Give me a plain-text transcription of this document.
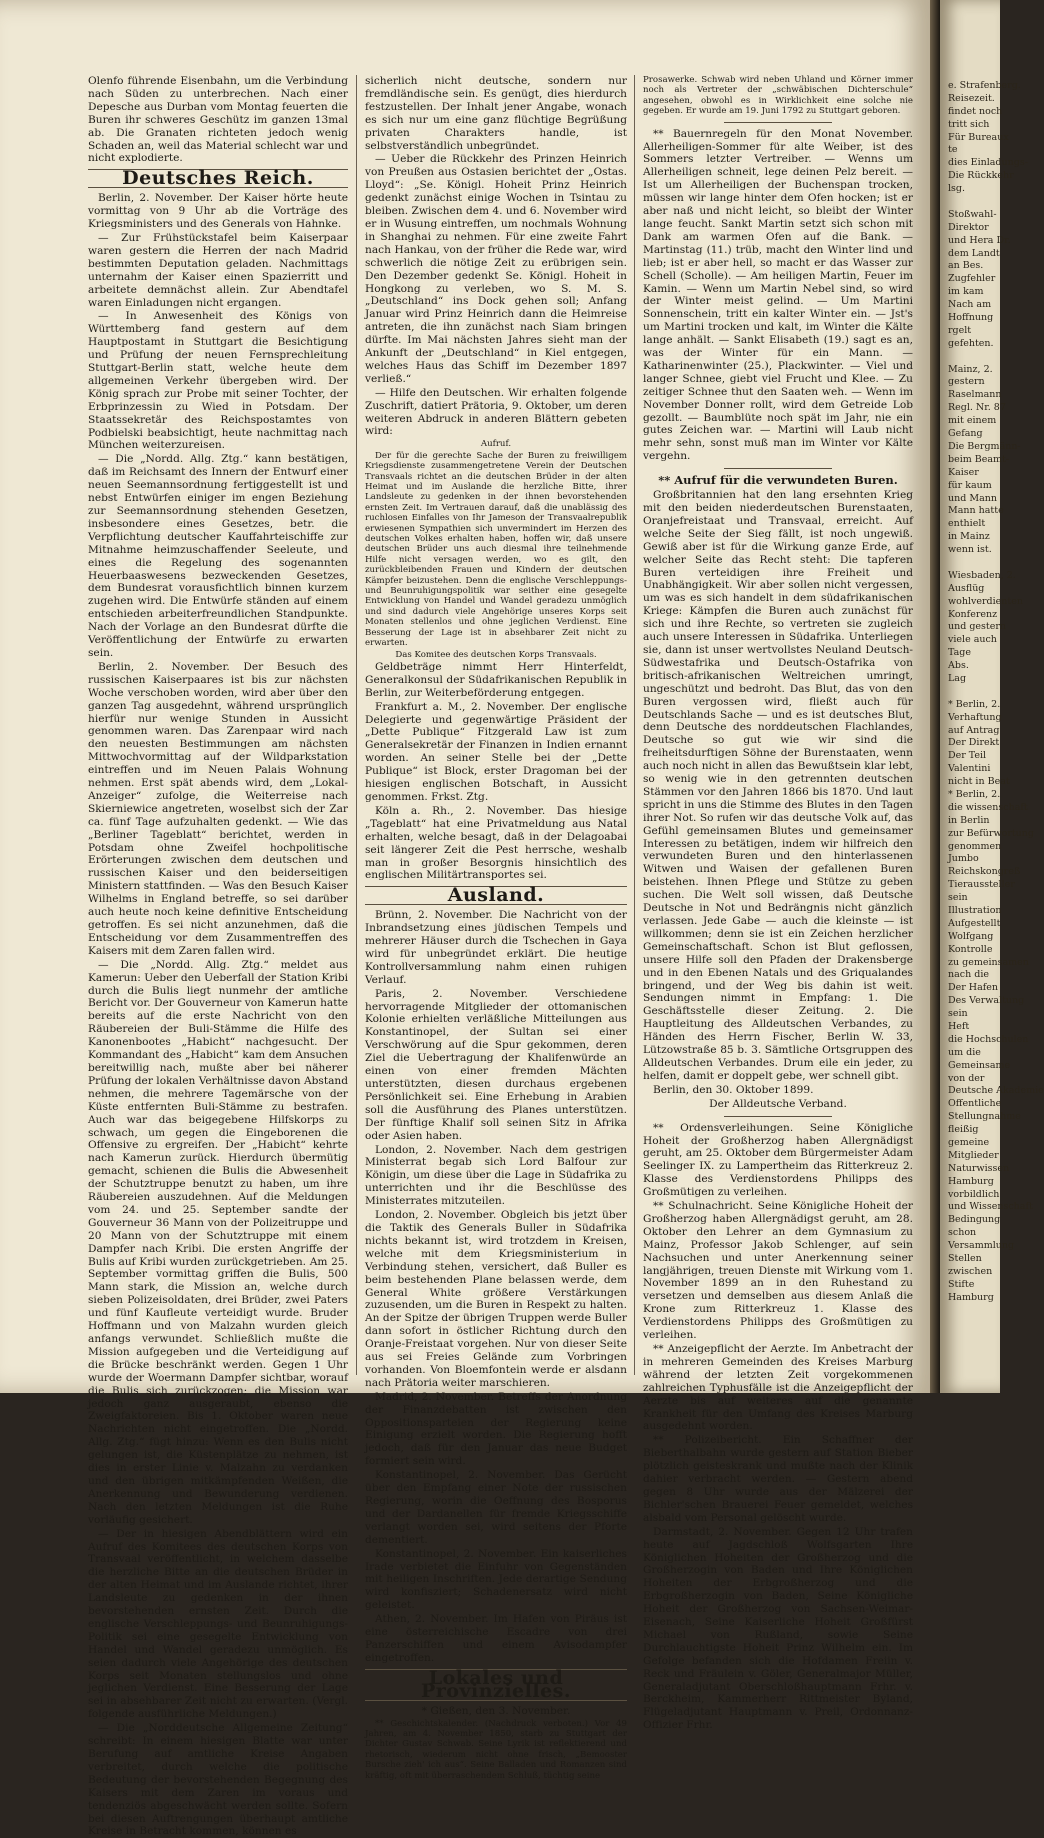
Olenfo führende Eisenbahn, um die Verbindung nach Süden zu unterbrechen. Nach einer Depesche aus Durban vom Montag feuerten die Buren ihr schweres Geschütz im ganzen 13mal ab. Die Granaten richteten jedoch wenig Schaden an, weil das Material schlecht war und nicht explodierte.

Deutsches Reich.

Berlin, 2. November. Der Kaiser hörte heute vormittag von 9 Uhr ab die Vorträge des Kriegsministers und des Generals von Hahnke.

— Zur Frühstückstafel beim Kaiserpaar waren gestern die Herren der nach Madrid bestimmten Deputation geladen. Nachmittags unternahm der Kaiser einen Spazierritt und arbeitete demnächst allein. Zur Abendtafel waren Einladungen nicht ergangen.

— In Anwesenheit des Königs von Württemberg fand gestern auf dem Hauptpostamt in Stuttgart die Besichtigung und Prüfung der neuen Fernsprechleitung Stuttgart-Berlin statt, welche heute dem allgemeinen Verkehr übergeben wird. Der König sprach zur Probe mit seiner Tochter, der Erbprinzessin zu Wied in Potsdam. Der Staatssekretär des Reichspostamtes von Podbielski beabsichtigt, heute nachmittag nach München weiterzureisen.

— Die „Nordd. Allg. Ztg.“ kann bestätigen, daß im Reichsamt des Innern der Entwurf einer neuen Seemannsordnung fertiggestellt ist und nebst Entwürfen einiger im engen Beziehung zur Seemannsordnung stehenden Gesetzen, insbesondere eines Gesetzes, betr. die Verpflichtung deutscher Kauffahrteischiffe zur Mitnahme heimzuschaffender Seeleute, und eines die Regelung des sogenannten Heuerbaaswesens bezweckenden Gesetzes, dem Bundesrat vorausfichtlich binnen kurzem zugehen wird. Die Entwürfe ständen auf einem entschieden arbeiterfreundlichen Standpunkte. Nach der Vorlage an den Bundesrat dürfte die Veröffentlichung der Entwürfe zu erwarten sein.

Berlin, 2. November. Der Besuch des russischen Kaiserpaares ist bis zur nächsten Woche verschoben worden, wird aber über den ganzen Tag ausgedehnt, während ursprünglich hierfür nur wenige Stunden in Aussicht genommen waren. Das Zarenpaar wird nach den neuesten Bestimmungen am nächsten Mittwochvormittag auf der Wildparkstation eintreffen und im Neuen Palais Wohnung nehmen. Erst spät abends wird, dem „Lokal-Anzeiger“ zufolge, die Weiterreise nach Skierniewice angetreten, woselbst sich der Zar ca. fünf Tage aufzuhalten gedenkt. — Wie das „Berliner Tageblatt“ berichtet, werden in Potsdam ohne Zweifel hochpolitische Erörterungen zwischen dem deutschen und russischen Kaiser und den beiderseitigen Ministern stattfinden. — Was den Besuch Kaiser Wilhelms in England betreffe, so sei darüber auch heute noch keine definitive Entscheidung getroffen. Es sei nicht anzunehmen, daß die Entscheidung vor dem Zusammentreffen des Kaisers mit dem Zaren fallen wird.

— Die „Nordd. Allg. Ztg.“ meldet aus Kamerun: Ueber den Ueberfall der Station Kribi durch die Bulis liegt nunmehr der amtliche Bericht vor. Der Gouverneur von Kamerun hatte bereits auf die erste Nachricht von den Räubereien der Buli-Stämme die Hilfe des Kanonenbootes „Habicht“ nachgesucht. Der Kommandant des „Habicht“ kam dem Ansuchen bereitwillig nach, mußte aber bei näherer Prüfung der lokalen Verhältnisse davon Abstand nehmen, die mehrere Tagemärsche von der Küste entfernten Buli-Stämme zu bestrafen. Auch war das beigegebene Hilfskorps zu schwach, um gegen die Eingeborenen die Offensive zu ergreifen. Der „Habicht“ kehrte nach Kamerun zurück. Hierdurch übermütig gemacht, schienen die Bulis die Abwesenheit der Schutztruppe benutzt zu haben, um ihre Räubereien auszudehnen. Auf die Meldungen vom 24. und 25. September sandte der Gouverneur 36 Mann von der Polizeitruppe und 20 Mann von der Schutztruppe mit einem Dampfer nach Kribi. Die ersten Angriffe der Bulis auf Kribi wurden zurückgetrieben. Am 25. September vormittag griffen die Bulis, 500 Mann stark, die Mission an, welche durch sieben Polizeisoldaten, drei Brüder, zwei Paters und fünf Kaufleute verteidigt wurde. Bruder Hoffmann und von Malzahn wurden gleich anfangs verwundet. Schließlich mußte die Mission aufgegeben und die Verteidigung auf die Brücke beschränkt werden. Gegen 1 Uhr wurde der Woermann Dampfer sichtbar, worauf die Bulis sich zurückzogen; die Mission war jedoch ganz ausgeraubt, ebenso die Zweigfaktoreien. Bis 1. Oktober waren neue Nachrichten nicht eingetroffen. Die „Nordd. Allg. Ztg.“ fügt hinzu: Wenn es den Bulis nicht gelungen ist, die Küstenplätze zu nehmen, ist dies in erster Linie v. Malzahn zu verdanken und den übrigen mitkämpfenden Weißen, die Anerkennung und Bewunderung verdienen. Nach den letzten Meldungen ist die Ruhe vorläufig gesichert.

— Der in hiesigen Abendblättern wird ein Aufruf des Komitees des deutschen Korps von Transvaal veröffentlicht, in welchem dasselbe die herzliche Bitte an die deutschen Brüder in der alten Heimat und im Auslande richtet, ihrer Landsleute zu gedenken in der ihnen bevorstehenden ernsten Zeit. Durch die englische Verschleppungs- und Beunruhigungs-Politik sei eine gesegelte Entwicklung von Handel und Wandel geradezu unmöglich. Es seien dadurch viele Angehörige des deutschen Korps seit Monaten stellungslos und ohne jeglichen Verdienst. Eine Besserung der Lage sei in absehbarer Zeit nicht zu erwarten. (Vergl. folgende ausführliche Meldungen.)

— Die „Norddeutsche Allgemeine Zeitung“ schreibt: In einem hiesigen Blatte war unter Berufung auf amtliche Kreise Angaben verbreitet, durch welche die politische Bedeutung der bevorstehenden Begegnung des Kaisers mit dem Zaren im voraus und tendenziös abgeschwächt werden sollte. Sofern bei diesen Auftrengungen überhaupt amtliche Kreise in Betracht kommen, können es

sicherlich nicht deutsche, sondern nur fremdländische sein. Es genügt, dies hierdurch festzustellen. Der Inhalt jener Angabe, wonach es sich nur um eine ganz flüchtige Begrüßung privaten Charakters handle, ist selbstverständlich unbegründet.

— Ueber die Rückkehr des Prinzen Heinrich von Preußen aus Ostasien berichtet der „Ostas. Lloyd“: „Se. Königl. Hoheit Prinz Heinrich gedenkt zunächst einige Wochen in Tsintau zu bleiben. Zwischen dem 4. und 6. November wird er in Wusung eintreffen, um nochmals Wohnung in Shanghai zu nehmen. Für eine zweite Fahrt nach Hankau, von der früher die Rede war, wird schwerlich die nötige Zeit zu erübrigen sein. Den Dezember gedenkt Se. Königl. Hoheit in Hongkong zu verleben, wo S. M. S. „Deutschland“ ins Dock gehen soll; Anfang Januar wird Prinz Heinrich dann die Heimreise antreten, die ihn zunächst nach Siam bringen dürfte. Im Mai nächsten Jahres sieht man der Ankunft der „Deutschland“ in Kiel entgegen, welches Haus das Schiff im Dezember 1897 verließ.“

— Hilfe den Deutschen. Wir erhalten folgende Zuschrift, datiert Prätoria, 9. Oktober, um deren weiteren Abdruck in anderen Blättern gebeten wird:

Aufruf.

Der für die gerechte Sache der Buren zu freiwilligem Kriegsdienste zusammengetretene Verein der Deutschen Transvaals richtet an die deutschen Brüder in der alten Heimat und im Auslande die herzliche Bitte, ihrer Landsleute zu gedenken in der ihnen bevorstehenden ernsten Zeit. Im Vertrauen darauf, daß die unablässig des ruchlosen Einfalles von Ihr Jameson der Transvaalrepublik erwiesenen Sympathien sich unvermindert im Herzen des deutschen Volkes erhalten haben, hoffen wir, daß unsere deutschen Brüder uns auch diesmal ihre teilnehmende Hilfe nicht versagen werden, wo es gilt, den zurückbleibenden Frauen und Kindern der deutschen Kämpfer beizustehen. Denn die englische Verschleppungs- und Beunruhigungspolitik war seither eine gesegelte Entwicklung von Handel und Wandel geradezu unmöglich und sind dadurch viele Angehörige unseres Korps seit Monaten stellenlos und ohne jeglichen Verdienst. Eine Besserung der Lage ist in absehbarer Zeit nicht zu erwarten.

Das Komitee des deutschen Korps Transvaals.

Geldbeträge nimmt Herr Hinterfeldt, Generalkonsul der Südafrikanischen Republik in Berlin, zur Weiterbeförderung entgegen.

Frankfurt a. M., 2. November. Der englische Delegierte und gegenwärtige Präsident der „Dette Publique“ Fitzgerald Law ist zum Generalsekretär der Finanzen in Indien ernannt worden. An seiner Stelle bei der „Dette Publique“ ist Block, erster Dragoman bei der hiesigen englischen Botschaft, in Aussicht genommen. Frkst. Ztg.

Köln a. Rh., 2. November. Das hiesige „Tageblatt“ hat eine Privatmeldung aus Natal erhalten, welche besagt, daß in der Delagoabai seit längerer Zeit die Pest herrsche, weshalb man in großer Besorgnis hinsichtlich des englischen Militärtransportes sei.

Ausland.

Brünn, 2. November. Die Nachricht von der Inbrandsetzung eines jüdischen Tempels und mehrerer Häuser durch die Tschechen in Gaya wird für unbegründet erklärt. Die heutige Kontrollversammlung nahm einen ruhigen Verlauf.

Paris, 2. November. Verschiedene hervorragende Mitglieder der ottomanischen Kolonie erhielten verläßliche Mitteilungen aus Konstantinopel, der Sultan sei einer Verschwörung auf die Spur gekommen, deren Ziel die Uebertragung der Khalifenwürde an einen von einer fremden Mächten unterstützten, diesen durchaus ergebenen Persönlichkeit sei. Eine Erhebung in Arabien soll die Ausführung des Planes unterstützen. Der fünftige Khalif soll seinen Sitz in Afrika oder Asien haben.

London, 2. November. Nach dem gestrigen Ministerrat begab sich Lord Balfour zur Königin, um diese über die Lage in Südafrika zu unterrichten und ihr die Beschlüsse des Ministerrates mitzuteilen.

London, 2. November. Obgleich bis jetzt über die Taktik des Generals Buller in Südafrika nichts bekannt ist, wird trotzdem in Kreisen, welche mit dem Kriegsministerium in Verbindung stehen, versichert, daß Buller es beim bestehenden Plane belassen werde, dem General White größere Verstärkungen zuzusenden, um die Buren in Respekt zu halten. An der Spitze der übrigen Truppen werde Buller dann sofort in östlicher Richtung durch den Oranje-Freistaat vorgehen. Nur von dieser Seite aus sei Freies Gelände zum Vorbringen vorhanden. Von Bloemfontein werde er alsdann nach Prätoria weiter marschieren.

Madrid, 2. November. Betreffs der Anordnung der Finanzdebatten ist zwischen den Oppositionsparteien der Regierung keine Einigung erzielt worden. Die Regierung hofft jedoch, daß für den Januar das neue Budget formiert sein wird.

Konstantinopel, 2. November. Das Gerücht über den Empfang einer Note der russischen Regierung, worin die Oeffnung des Bosporus und der Dardanellen für fremde Kriegsschiffe verlangt worden sei, wird seitens der Pforte dementiert.

Konstantinopel, 2. November. Ein kaiserliches Irade verbietet die Einfuhr von Gegenständen mit heiligen Inschriften. Jede derartige Sendung wird konfisziert; Schadenersatz wird nicht geleistet.

Athen, 2. November. Im Hafen von Piräus ist eine österreichische Escadre von drei Panzerschiffen und einem Avisodampfer eingetroffen.

Lokales und Provinzielles.

* Gießen, den 3. November.

** Geschichtskalender. (Nachdruck verboten.) Vor 49 Jahren, am 4. November 1850, starb zu Stuttgart der Dichter Gustav Schwab. Seine Lyrik ist reflektierend und rhetorisch, wiederum nicht ohne frisch, „Bemooster Bursche zieh' ich aus“. Seine Balladen und Romanzen sind kräftig, oft mit überraschendem Schluß, tüchtig seine

Prosawerke. Schwab wird neben Uhland und Körner immer noch als Vertreter der „schwäbischen Dichterschule“ angesehen, obwohl es in Wirklichkeit eine solche nie gegeben. Er wurde am 19. Juni 1792 zu Stuttgart geboren.

** Bauernregeln für den Monat November. Allerheiligen-Sommer für alte Weiber, ist des Sommers letzter Vertreiber. — Wenns um Allerheiligen schneit, lege deinen Pelz bereit. — Ist um Allerheiligen der Buchenspan trocken, müssen wir lange hinter dem Ofen hocken; ist er aber naß und nicht leicht, so bleibt der Winter lange feucht. Sankt Martin setzt sich schon mit Dank am warmen Ofen auf die Bank. — Martinstag (11.) trüb, macht den Winter lind und lieb; ist er aber hell, so macht er das Wasser zur Schell (Scholle). — Am heiligen Martin, Feuer im Kamin. — Wenn um Martin Nebel sind, so wird der Winter meist gelind. — Um Martini Sonnenschein, tritt ein kalter Winter ein. — Jst's um Martini trocken und kalt, im Winter die Kälte lange anhält. — Sankt Elisabeth (19.) sagt es an, was der Winter für ein Mann. — Katharinenwinter (25.), Plackwinter. — Viel und langer Schnee, giebt viel Frucht und Klee. — Zu zeitiger Schnee thut den Saaten weh. — Wenn im November Donner rollt, wird dem Getreide Lob gezollt. — Baumblüte noch spät im Jahr, nie ein gutes Zeichen war. — Martini will Laub nicht mehr sehn, sonst muß man im Winter vor Kälte vergehn.

** Aufruf für die verwundeten Buren.

Großbritannien hat den lang ersehnten Krieg mit den beiden niederdeutschen Burenstaaten, Oranjefreistaat und Transvaal, erreicht. Auf welche Seite der Sieg fällt, ist noch ungewiß. Gewiß aber ist für die Wirkung ganze Erde, auf welcher Seite das Recht steht: Die tapferen Buren verteidigen ihre Freiheit und Unabhängigkeit. Wir aber sollen nicht vergessen, um was es sich handelt in dem südafrikanischen Kriege: Kämpfen die Buren auch zunächst für sich und ihre Rechte, so vertreten sie zugleich auch unsere Interessen in Südafrika. Unterliegen sie, dann ist unser wertvollstes Neuland Deutsch-Südwestafrika und Deutsch-Ostafrika von britisch-afrikanischen Weltreichen umringt, ungeschützt und bedroht. Das Blut, das von den Buren vergossen wird, fließt auch für Deutschlands Sache — und es ist deutsches Blut, denn Deutsche des norddeutschen Flachlandes, Deutsche so gut wie wir sind die freiheitsdurftigen Söhne der Burenstaaten, wenn auch noch nicht in allen das Bewußtsein klar lebt, so wenig wie in den getrennten deutschen Stämmen vor den Jahren 1866 bis 1870. Und laut spricht in uns die Stimme des Blutes in den Tagen ihrer Not. So rufen wir das deutsche Volk auf, das Gefühl gemeinsamen Blutes und gemeinsamer Interessen zu betätigen, indem wir hilfreich den verwundeten Buren und den hinterlassenen Witwen und Waisen der gefallenen Buren beistehen. Ihnen Pflege und Stütze zu geben suchen. Die Welt soll wissen, daß Deutsche Deutsche in Not und Bedrängnis nicht gänzlich verlassen. Jede Gabe — auch die kleinste — ist willkommen; denn sie ist ein Zeichen herzlicher Gemeinschaftschaft. Schon ist Blut geflossen, unsere Hilfe soll den Pfaden der Drakensberge und in den Ebenen Natals und des Griqualandes bringend, und der Weg bis dahin ist weit. Sendungen nimmt in Empfang: 1. Die Geschäftsstelle dieser Zeitung. 2. Die Hauptleitung des Alldeutschen Verbandes, zu Händen des Herrn Fischer, Berlin W. 33, Lützowstraße 85 b. 3. Sämtliche Ortsgruppen des Alldeutschen Verbandes. Drum eile ein jeder, zu helfen, damit er doppelt gebe, wer schnell gibt.

Berlin, den 30. Oktober 1899.

Der Alldeutsche Verband.

** Ordensverleihungen. Seine Königliche Hoheit der Großherzog haben Allergnädigst geruht, am 25. Oktober dem Bürgermeister Adam Seelinger IX. zu Lampertheim das Ritterkreuz 2. Klasse des Verdienstordens Philipps des Großmütigen zu verleihen.

** Schulnachricht. Seine Königliche Hoheit der Großherzog haben Allergnädigst geruht, am 28. Oktober den Lehrer an dem Gymnasium zu Mainz, Professor Jakob Schlenger, auf sein Nachsuchen und unter Anerkennung seiner langjährigen, treuen Dienste mit Wirkung vom 1. November 1899 an in den Ruhestand zu versetzen und demselben aus diesem Anlaß die Krone zum Ritterkreuz 1. Klasse des Verdienstordens Philipps des Großmütigen zu verleihen.

** Anzeigepflicht der Aerzte. Im Anbetracht der in mehreren Gemeinden des Kreises Marburg während der letzten Zeit vorgekommenen zahlreichen Typhusfälle ist die Anzeigepflicht der Aerzte bis auf weiteres auf die genannte Krankheit für den Umfang des Kreises Marburg ausgedehnt worden.

** Polizeibericht. Ein Schaffner der Bieberthalbahn wurde gestern auf Station Bieber plötzlich geisteskrank und mußte nach der Klinik dahier verbracht werden. — Gestern abend gegen 8 Uhr wurde aus der Mälzerei der Bichler'schen Brauerei Feuer gemeldet, welches alsbald vom Personal gelöscht wurde.

Darmstadt, 2. November. Gegen 12 Uhr trafen heute auf Jagdschloß Wolfsgarten Ihre Königlichen Hoheiten der Großherzog und die Großherzogin von Baden und Ihre Königlichen Hoheiten der Erbgroßherzog und die Erbgroßherzogin von Baden, Seine Königliche Hoheit der Großherzog von Sachsen-Weimar-Eisenach, Seine Kaiserliche Hoheit Großfürst Michael von Rußland, sowie Seine Durchlauchtigste Hoheit Prinz Wilhelm ein. Im Gefolge befanden sich die Hofdamen Freiin v. Reck und Fräulein v. Göler, Generalmajor Müller, Generaladjutant Oberschloßhauptmann Frhr. v. Berckheim, Kammerherr Rittmeister Byland, Flügeladjutant Hauptmann v. Preil, Ordonnanz-Offizier Frhr.

e. Strafenberg.
Reisezeit.
findet noch
tritt sich
Für Bureaux
te
dies Einladungs-
Die Rückkehr
lsg.
Stoßwahl-
Direktor
und Hera Dr.
dem Landt
an Bes.
Zugfehler
im kam
Nach am
Hoffnung
rgelt
gefehten.
Mainz, 2.
gestern
Raselmann
Regl. Nr. 87
mit einem
Gefang
Die Bergmänn-
beim Beamt-
Kaiser
für kaum
und Mann
Mann hatte
enthielt
in Mainz
wenn ist.
Wiesbaden, 2.
Ausflüg
wohlverdienten
Konferenz
und gestern
viele auch
Tage
Abs.
Lag
* Berlin, 2.
Verhaftung
auf Antrag
Der Direkt
Der Teil
Valentini
nicht in Beat
* Berlin, 2.
die wissenschaft
in Berlin
zur Befürwortung
genommen
Jumbo
Reichskongreß
Tieraussteller
sein
Illustration
Aufgestellt
Wolfgang
Kontrolle
zu gemeinsamen
nach die
Der Hafen
Des Verwaltung
sein
Heft
die Hochschulen
um die
Gemeinsame
von der
Deutsche Akademie
Offentliche
Stellungnahme
fleißig
gemeine
Mitglieder
Naturwissen
Hamburg
vorbildlich
und Wissenschaft
Bedingung
schon
Versammlung
Stellen
zwischen
Stifte
Hamburg
